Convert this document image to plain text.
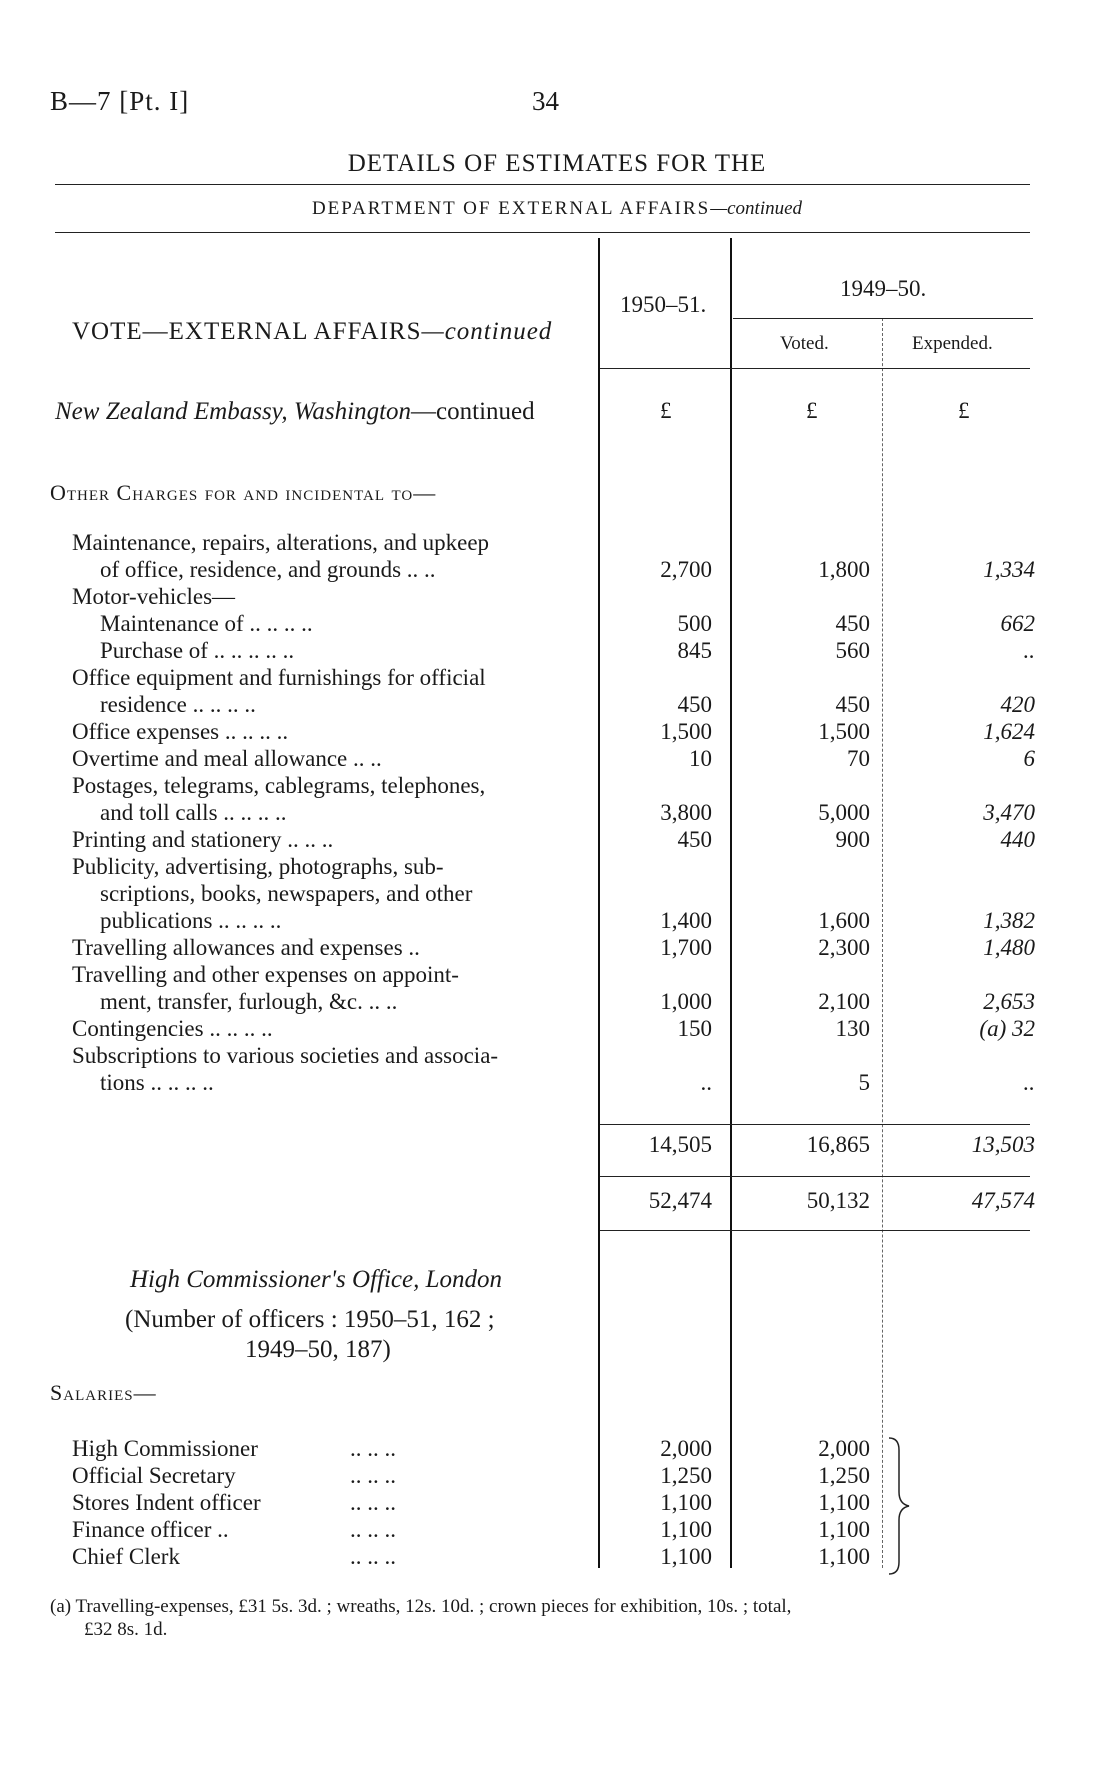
B—7 [Pt. I]	34
DETAILS OF ESTIMATES FOR THE
DEPARTMENT OF EXTERNAL AFFAIRS—continued
VOTE—EXTERNAL AFFAIRS—continued
1950–51.
1949–50.
Voted.	Expended.
£	£	£
New Zealand Embassy, Washington—continued
Other Charges for and incidental to—
Maintenance, repairs, alterations, and upkeep
of office, residence, and grounds .. ..	2,700	1,800	1,334
Motor-vehicles—
Maintenance of .. .. .. ..	500	450	662
Purchase of .. .. .. .. ..	845	560	..
Office equipment and furnishings for official
residence .. .. .. ..	450	450	420
Office expenses .. .. .. ..	1,500	1,500	1,624
Overtime and meal allowance .. ..	10	70	6
Postages, telegrams, cablegrams, telephones,
and toll calls .. .. .. ..	3,800	5,000	3,470
Printing and stationery .. .. ..	450	900	440
Publicity, advertising, photographs, sub-
scriptions, books, newspapers, and other
publications .. .. .. ..	1,400	1,600	1,382
Travelling allowances and expenses ..	1,700	2,300	1,480
Travelling and other expenses on appoint-
ment, transfer, furlough, &c. .. ..	1,000	2,100	2,653
Contingencies .. .. .. ..	150	130	(a) 32
Subscriptions to various societies and associa-
tions .. .. .. ..	..	5	..
14,505	16,865	13,503
52,474	50,132	47,574
High Commissioner's Office, London
(Number of officers : 1950–51, 162 ;
1949–50, 187)
Salaries—
High Commissioner	.. .. ..	2,000	2,000
Official Secretary	.. .. ..	1,250	1,250
Stores Indent officer	.. .. ..	1,100	1,100
Finance officer ..	.. .. ..	1,100	1,100
Chief Clerk	.. .. ..	1,100	1,100
(a) Travelling-expenses, £31 5s. 3d. ; wreaths, 12s. 10d. ; crown pieces for exhibition, 10s. ; total,
£32 8s. 1d.
